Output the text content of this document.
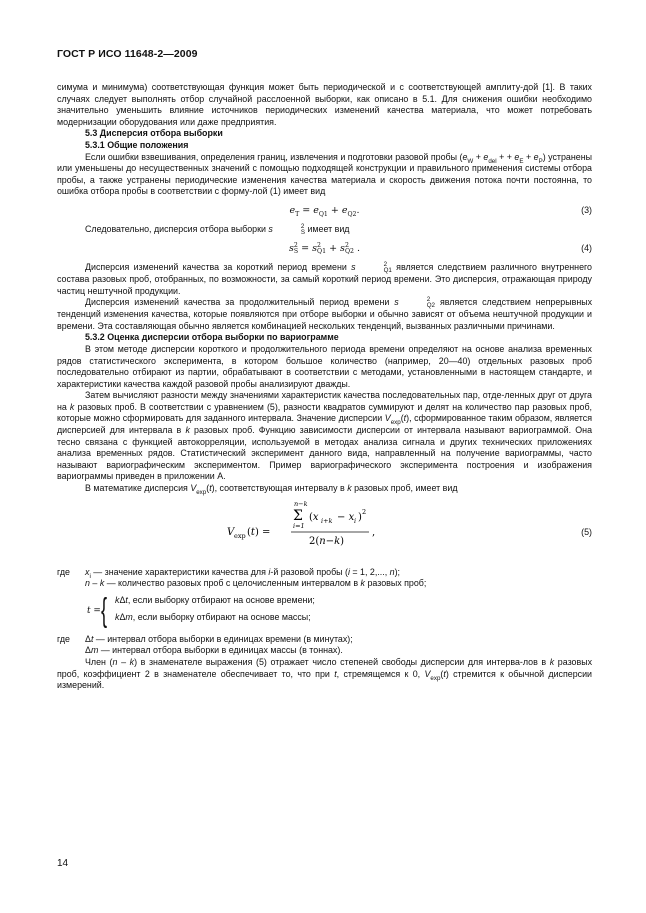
ГОСТ Р ИСО 11648-2—2009

симума и минимума) соответствующая функция может быть периодической и с соответствующей амплиту-дой [1]. В таких случаях следует выполнять отбор случайной расслоенной выборки, как описано в 5.1. Для снижения ошибки необходимо значительно уменьшить влияние источников периодических изменений качества материала, что может потребовать модернизации оборудования или даже предприятия.

5.3 Дисперсия отбора выборки

5.3.1 Общие положения

Если ошибки взвешивания, определения границ, извлечения и подготовки разовой пробы ($e_W + e_{del}$ + + $e_E + e_P$) устранены или уменьшены до несущественных значений с помощью подходящей конструкции и правильного применения системы отбора пробы, а также устранены периодические изменения качества материала и скорость движения потока почти постоянна, то ошибка отбора пробы в соответствии с форму-лой (1) имеет вид

$e_T = e_{Q1} + e_{Q2}$.	(3)

Следовательно, дисперсия отбора выборки s	2
S имеет вид

s 2
S = s 2
Q1 + s 2
Q2 .	(4)

Дисперсия изменений качества за короткий период времени s	2
Q1 является следствием различного внутреннего состава разовых проб, отобранных, по возможности, за самый короткий период времени. Это дисперсия, отражающая природу частиц нештучной продукции.

Дисперсия изменений качества за продолжительный период времени s	2
Q2 является следствием непрерывных тенденций изменения качества, которые появляются при отборе выборки и обычно зависят от объема нештучной продукции и времени. Эта составляющая обычно является комбинацией нескольких тенденций, вызванных различными причинами.

5.3.2 Оценка дисперсии отбора выборки по вариограмме

В этом методе дисперсии короткого и продолжительного периода времени определяют на основе анализа временных рядов статистического эксперимента, в котором большое количество (например, 20—40) отдельных разовых проб последовательно отбирают из партии, обрабатывают в соответствии с методами, установленными в настоящем стандарте, и характеристики качества каждой разовой пробы анализируют дважды.

Затем вычисляют разности между значениями характеристик качества последовательных пар, отде-ленных друг от друга на k разовых проб. В соответствии с уравнением (5), разности квадратов суммируют и делят на количество пар разовых проб, которые можно сформировать для заданного интервала. Значение дисперсии $V_{exp}(t)$, сформированное таким образом, является дисперсией для интервала в k разовых проб. Функцию зависимости дисперсии от интервала называют вариограммой. Она тесно связана с функцией автокорреляции, используемой в методах анализа сигнала и других технических приложениях анализа временных рядов. Статистический эксперимент данного вида, направленный на получение вариограммы, часто называют вариографическим экспериментом. Пример вариографического эксперимента построения и изображения вариограммы приведен в приложении А.

В математике дисперсия $V_{exp}(t)$, соответствующая интервалу в k разовых проб, имеет вид

V exp (t) =
n−k
Σ
i=1
(x i+k − x i ) 2
2(n−k)
,	(5)
где	$x_i$ — значение характеристики качества для i-й разовой пробы (i = 1, 2,..., n);
n – k — количество разовых проб с целочисленным интервалом в k разовых проб;
t = { kΔt, если выборку отбирают на основе времени;
kΔm, если выборку отбирают на основе массы;
где	Δt — интервал отбора выборки в единицах времени (в минутах);
Δm — интервал отбора выборки в единицах массы (в тоннах).

Член (n – k) в знаменателе выражения (5) отражает число степеней свободы дисперсии для интерва-лов в k разовых проб, коэффициент 2 в знаменателе обеспечивает то, что при t, стремящемся к 0, $V_{exp}(t)$ стремится к обычной дисперсии измерений.

14
